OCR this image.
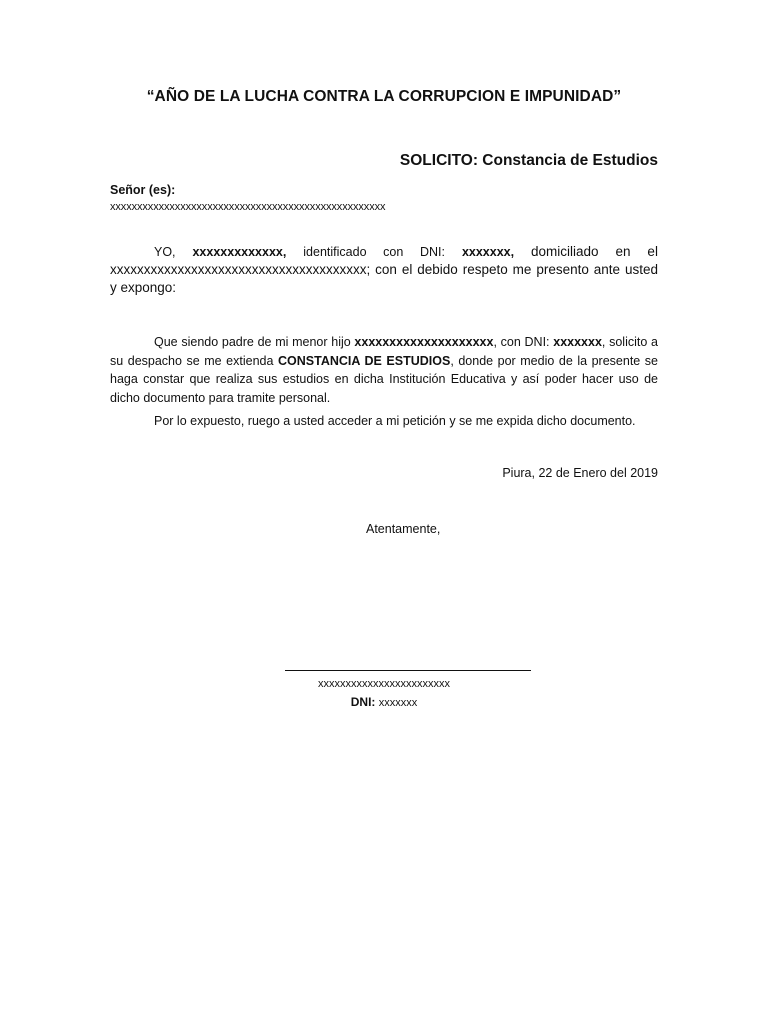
“AÑO DE LA LUCHA CONTRA LA CORRUPCION E IMPUNIDAD”
SOLICITO: Constancia de Estudios
Señor (es):
xxxxxxxxxxxxxxxxxxxxxxxxxxxxxxxxxxxxxxxxxxxxxxxxxxx
YO, xxxxxxxxxxxxx, identificado con DNI: xxxxxxx, domiciliado en el xxxxxxxxxxxxxxxxxxxxxxxxxxxxxxxxxxxxxx; con el debido respeto me presento ante usted y expongo:
Que siendo padre de mi menor hijo xxxxxxxxxxxxxxxxxxxx, con DNI: xxxxxxx, solicito a su despacho se me extienda CONSTANCIA DE ESTUDIOS, donde por medio de la presente se haga constar que realiza sus estudios en dicha Institución Educativa y así poder hacer uso de dicho documento para tramite personal.
Por lo expuesto, ruego a usted acceder a mi petición y se me expida dicho documento.
Piura, 22 de Enero del 2019
Atentamente,
xxxxxxxxxxxxxxxxxxxxxxxx
DNI: xxxxxxx
